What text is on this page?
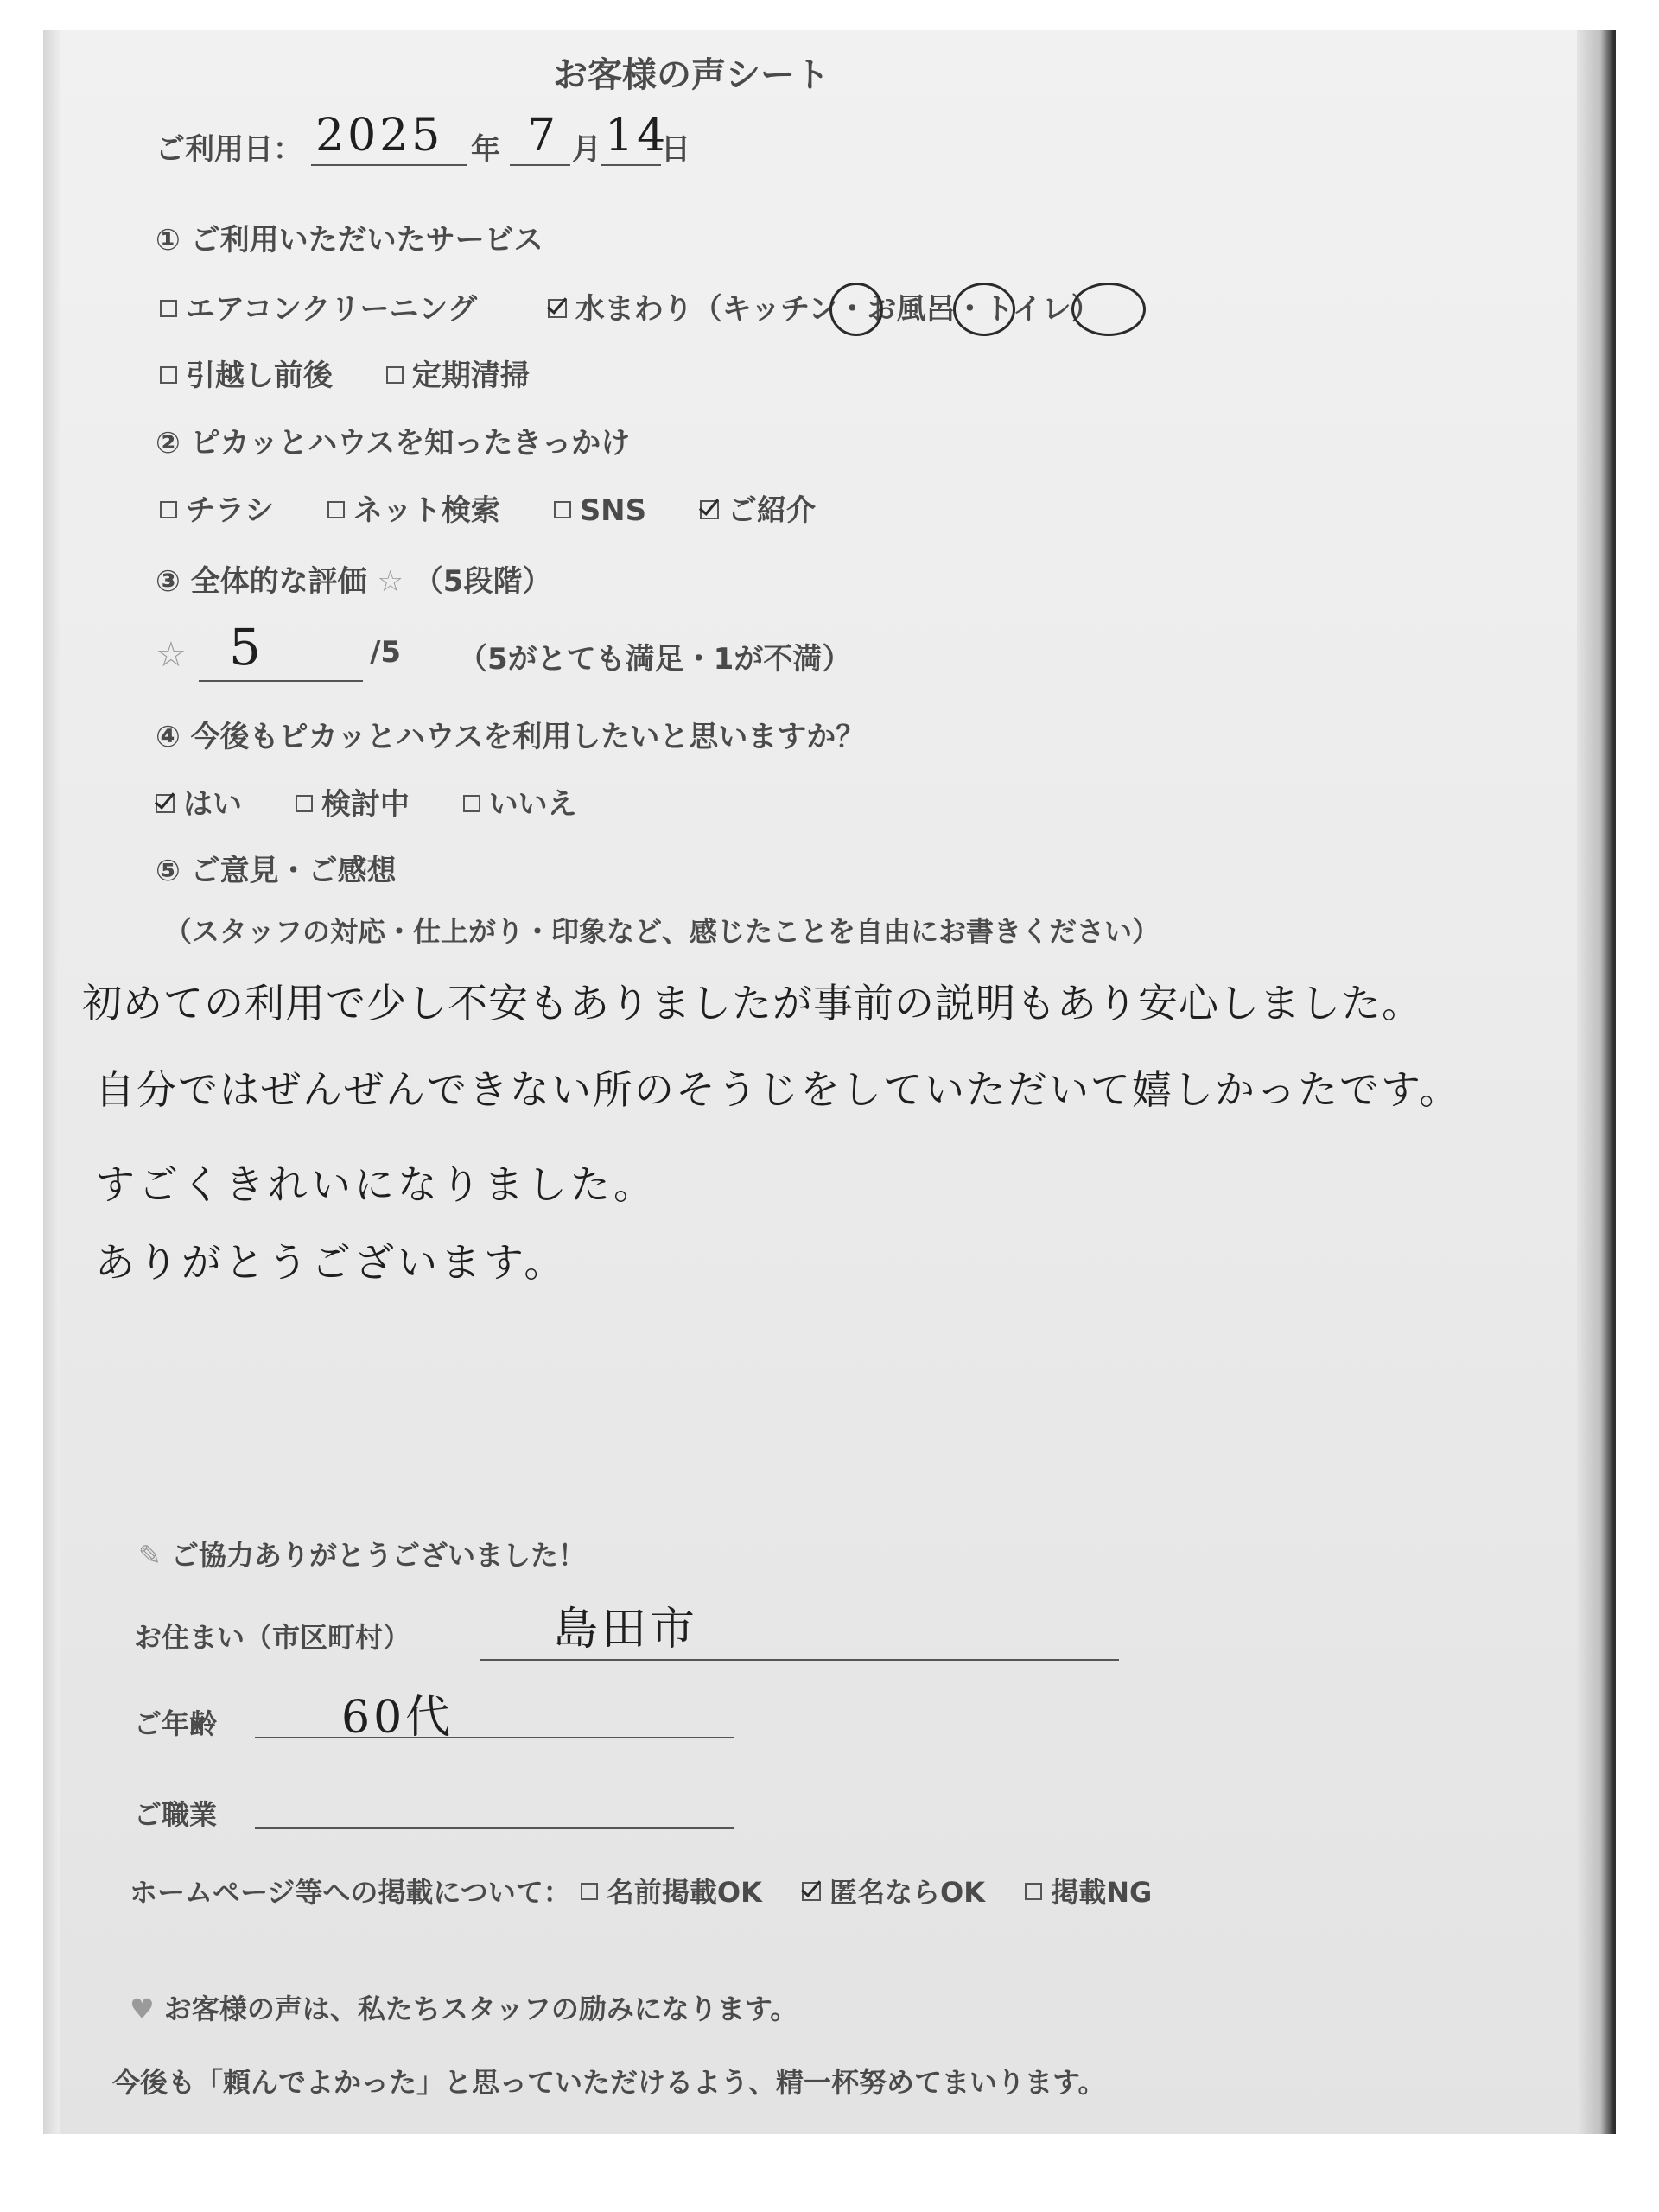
お客様の声シート
ご利用日： 2025 年 7 月 14
日
① ご利用いただいたサービス
エアコンクリーニング	水まわり（キッチン・お風呂・トイレ）
引越し前後	定期清掃
② ピカッとハウスを知ったきっかけ
チラシ	ネット検索	SNS	ご紹介
③ 全体的な評価 ☆ （5段階）
☆ 5	/5 （5がとても満足・1が不満）
④ 今後もピカッとハウスを利用したいと思いますか？
はい	検討中	いいえ
⑤ ご意見・ご感想
（スタッフの対応・仕上がり・印象など、感じたことを自由にお書きください）
初めての利用で少し不安もありましたが事前の説明もあり安心しました。
自分ではぜんぜんできない所のそうじをしていただいて嬉しかったです。
すごくきれいになりました。
ありがとうございます。
✎ ご協力ありがとうございました！
お住まい（市区町村）	島田市
ご年齢	60代
ご職業
ホームページ等への掲載について： 名前掲載OK 匿名ならOK 掲載NG
♥ お客様の声は、私たちスタッフの励みになります。
今後も「頼んでよかった」と思っていただけるよう、精一杯努めてまいります。
